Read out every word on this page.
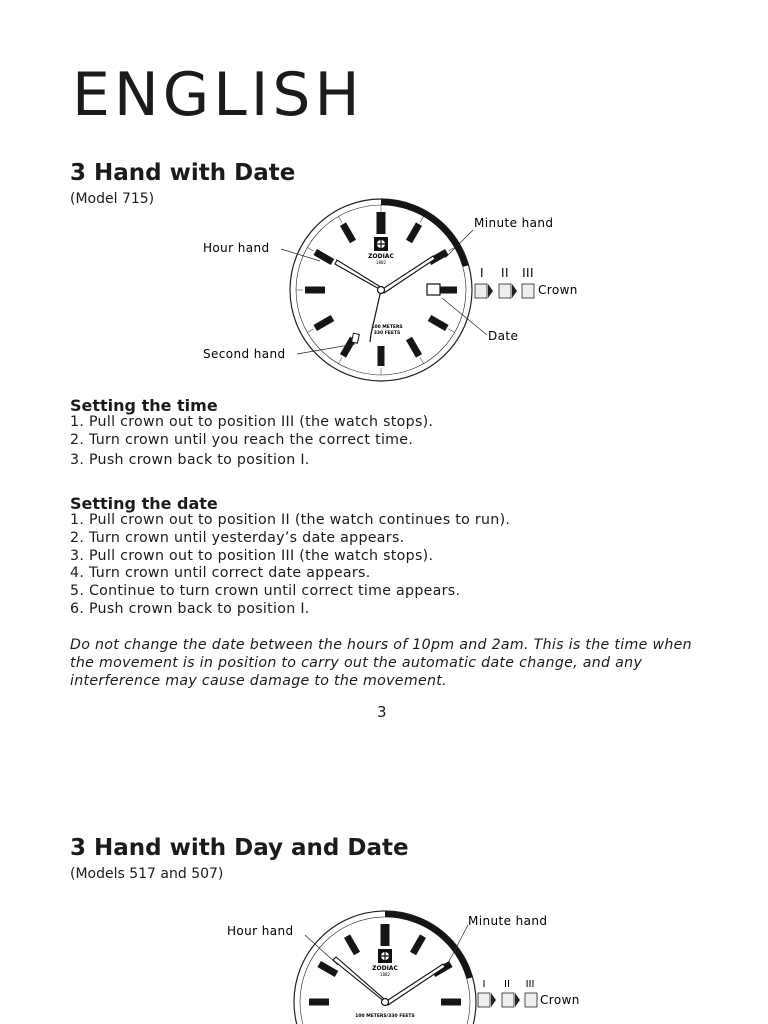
ENGLISH
3 Hand with Date
(Model 715)
ZODIAC
1882
100 METERS
330 FEETS
I II III
Hour hand
Minute hand
Crown
Date
Second hand
Setting the time
1. Pull crown out to position III (the watch stops).
2. Turn crown until you reach the correct time.
3. Push crown back to position I.
Setting the date
1. Pull crown out to position II (the watch continues to run).
2. Turn crown until yesterday’s date appears.
3. Pull crown out to position III (the watch stops).
4. Turn crown until correct date appears.
5. Continue to turn crown until correct time appears.
6. Push crown back to position I.
Do not change the date between the hours of 10pm and 2am. This is the time when the movement is in position to carry out the automatic date change, and any interference may cause damage to the movement.
3
3 Hand with Day and Date
(Models 517 and 507)
ZODIAC
1882
100 METERS/330 FEETS
I II III
Hour hand
Minute hand
Crown
